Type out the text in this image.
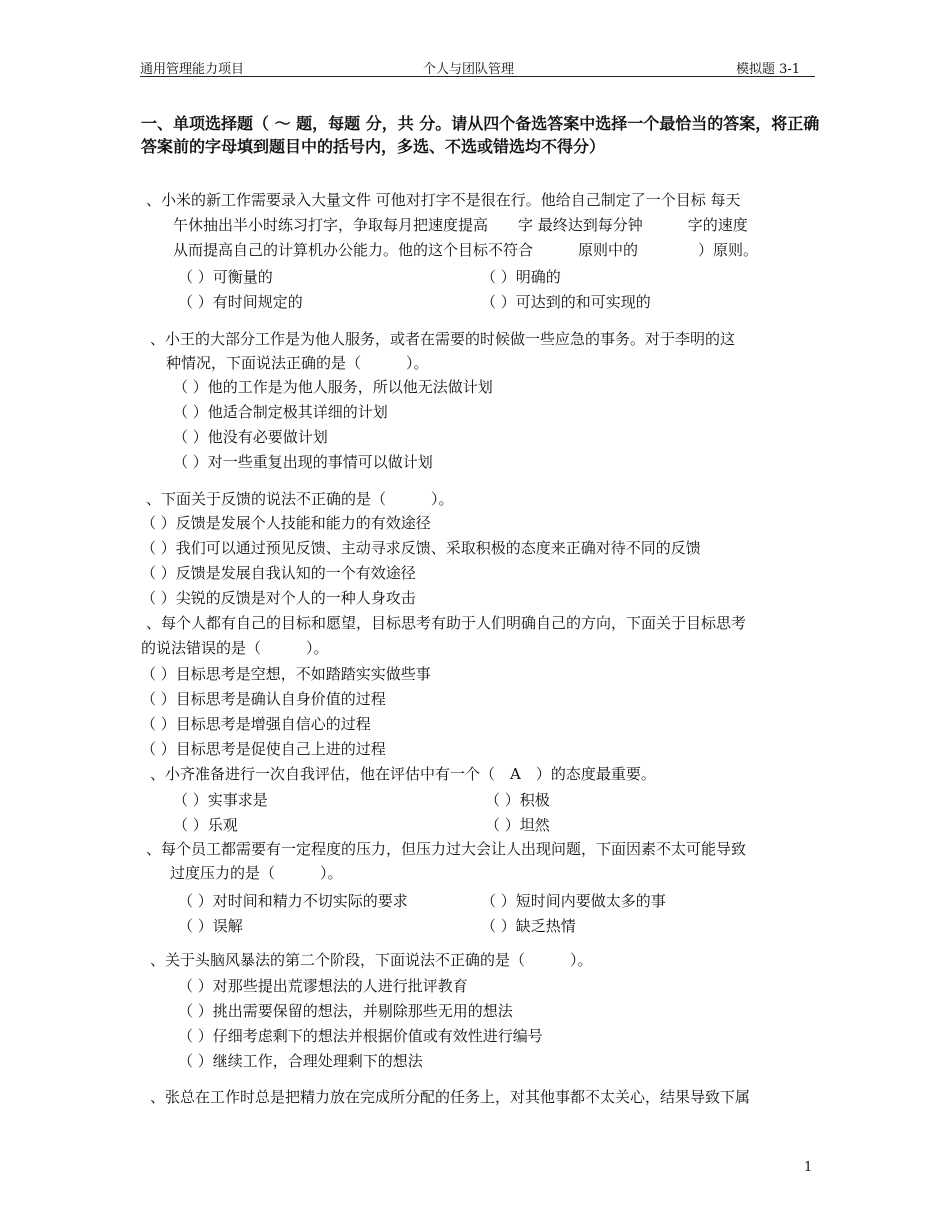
通用管理能力项目	个人与团队管理	模拟题 3-1
一、单项选择题（ ～ 题，每题 分，共 分。请从四个备选答案中选择一个最恰当的答案，将正确答案前的字母填到题目中的括号内，多选、不选或错选均不得分）
、小米的新工作需要录入大量文件 可他对打字不是很在行。他给自己制定了一个目标 每天
午休抽出半小时练习打字，争取每月把速度提高　　字 最终达到每分钟　　　字的速度
从而提高自己的计算机办公能力。他的这个目标不符合　　　原则中的　　　　）原则。
（ ）可衡量的	（ ）明确的
（ ）有时间规定的	（ ）可达到的和可实现的
、小王的大部分工作是为他人服务，或者在需要的时候做一些应急的事务。对于李明的这
种情况，下面说法正确的是（　　　）。
（ ）他的工作是为他人服务，所以他无法做计划
（ ）他适合制定极其详细的计划
（ ）他没有必要做计划
（ ）对一些重复出现的事情可以做计划
、下面关于反馈的说法不正确的是（　　　）。
（ ）反馈是发展个人技能和能力的有效途径
（ ）我们可以通过预见反馈、主动寻求反馈、采取积极的态度来正确对待不同的反馈
（ ）反馈是发展自我认知的一个有效途径
（ ）尖锐的反馈是对个人的一种人身攻击
、每个人都有自己的目标和愿望，目标思考有助于人们明确自己的方向，下面关于目标思考
的说法错误的是（　　　）。
（ ）目标思考是空想，不如踏踏实实做些事
（ ）目标思考是确认自身价值的过程
（ ）目标思考是增强自信心的过程
（ ）目标思考是促使自己上进的过程
、小齐准备进行一次自我评估，他在评估中有一个（　A　）的态度最重要。
（ ）实事求是	（ ）积极
（ ）乐观	（ ）坦然
、每个员工都需要有一定程度的压力，但压力过大会让人出现问题，下面因素不太可能导致
过度压力的是（　　　）。
（ ）对时间和精力不切实际的要求	（ ）短时间内要做太多的事
（ ）误解	（ ）缺乏热情
、关于头脑风暴法的第二个阶段，下面说法不正确的是（　　　）。
（ ）对那些提出荒谬想法的人进行批评教育
（ ）挑出需要保留的想法，并剔除那些无用的想法
（ ）仔细考虑剩下的想法并根据价值或有效性进行编号
（ ）继续工作，合理处理剩下的想法
、张总在工作时总是把精力放在完成所分配的任务上，对其他事都不太关心，结果导致下属
1
